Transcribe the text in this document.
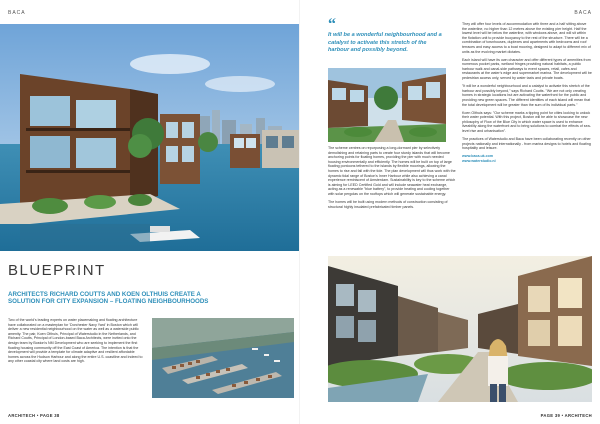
BACA
BLUEPRINT
ARCHITECTS RICHARD COUTTS AND KOEN OLTHUIS CREATE A SOLUTION FOR CITY EXPANSION – FLOATING NEIGHBOURHOODS
Two of the world's leading experts on water placemaking and floating architecture have collaborated on a masterplan for 'Dorchester Navy Yard' in Boston which will deliver a new residential neighbourhood on the water as well as a waterside public amenity. The pair, Koen Olthuis, Principal of Waterstudio in the Netherlands, and Richard Coutts, Principal of London-based Baca Architects, were invited onto the design team by Boston's NM Development who are seeking to implement the first floating housing community off the East Coast of America. The intention is that the development will provide a template for climate adaptive and resilient affordable homes across the Hudson Harbour and along the entire U.S. coastline and indeed to any other coastal city where land costs are high.
ARCHITECH • PAGE 38
BACA
“
It will be a wonderful neighbourhood and a catalyst to activate this stretch of the harbour and possibly beyond.

The scheme centres on repurposing a long-dormant pier by selectively demolishing and retaining parts to create four sturdy islands that will become anchoring points for floating homes, providing the pier with much needed housing environmentally and efficiently. The homes will be built on top of large floating pontoons tethered to the islands by flexible moorings, allowing the homes to rise and fall with the tide. The plan development will thus work with the dynamic tidal range of Boston's Inner Harbour while also achieving a canal experience reminiscent of Amsterdam. Sustainability is key to the scheme which is aiming for LEED Certified Gold and will include seawater heat exchange, acting as a renewable "blue battery", to provide heating and cooling together with solar pergolas on the rooftops which will generate sustainable energy.

The homes will be built using modern methods of construction consisting of structural highly insulated prefabricated timber panels.

They will offer four levels of accommodation with three and a half sitting above the waterline, no higher than 12 metres above the existing pier height. Half the lowest level will be below the waterline, with windows above, and will sit within the flotation unit to provide buoyancy to the rest of the structure. There will be a combination of townhouses, duplexes and apartments with bedrooms and roof terraces and easy access to a boat mooring, designed to adapt to different mix of units as the evolving market dictates.

Each island will have its own character and offer different types of amenities from numerous pocket parks, wetland fringes providing natural habitats, a public harbour walk and canal-side pathways to event spaces, retail, cafes and restaurants at the water's edge and supermarket marina. The development will be pedestrian access only, served by water taxis and private boats.

"It will be a wonderful neighbourhood and a catalyst to activate this stretch of the harbour and possibly beyond," says Richard Coutts. "We are not only creating homes in strategic locations but are activating the waterfront for the public and providing new green spaces. The different identities of each island will mean that the total development will be greater than the sum of its individual parts."

Koen Olthuis says: "Our scheme marks a tipping point for cities looking to unlock their water potential. With this project, Boston will be able to showcase the new philosophy of Flow of the Blue City in which water space is used to enhance liveability along the waterfront and to bring solutions to combat the effects of sea-level rise and urbanisation".

The practices of Waterstudio and Baca have been collaborating recently on other projects nationally and internationally - from marina designs to hotels and floating hospitality and leisure.

www.baca.uk.com
www.waterstudio.nl
PAGE 39 • ARCHITECH
